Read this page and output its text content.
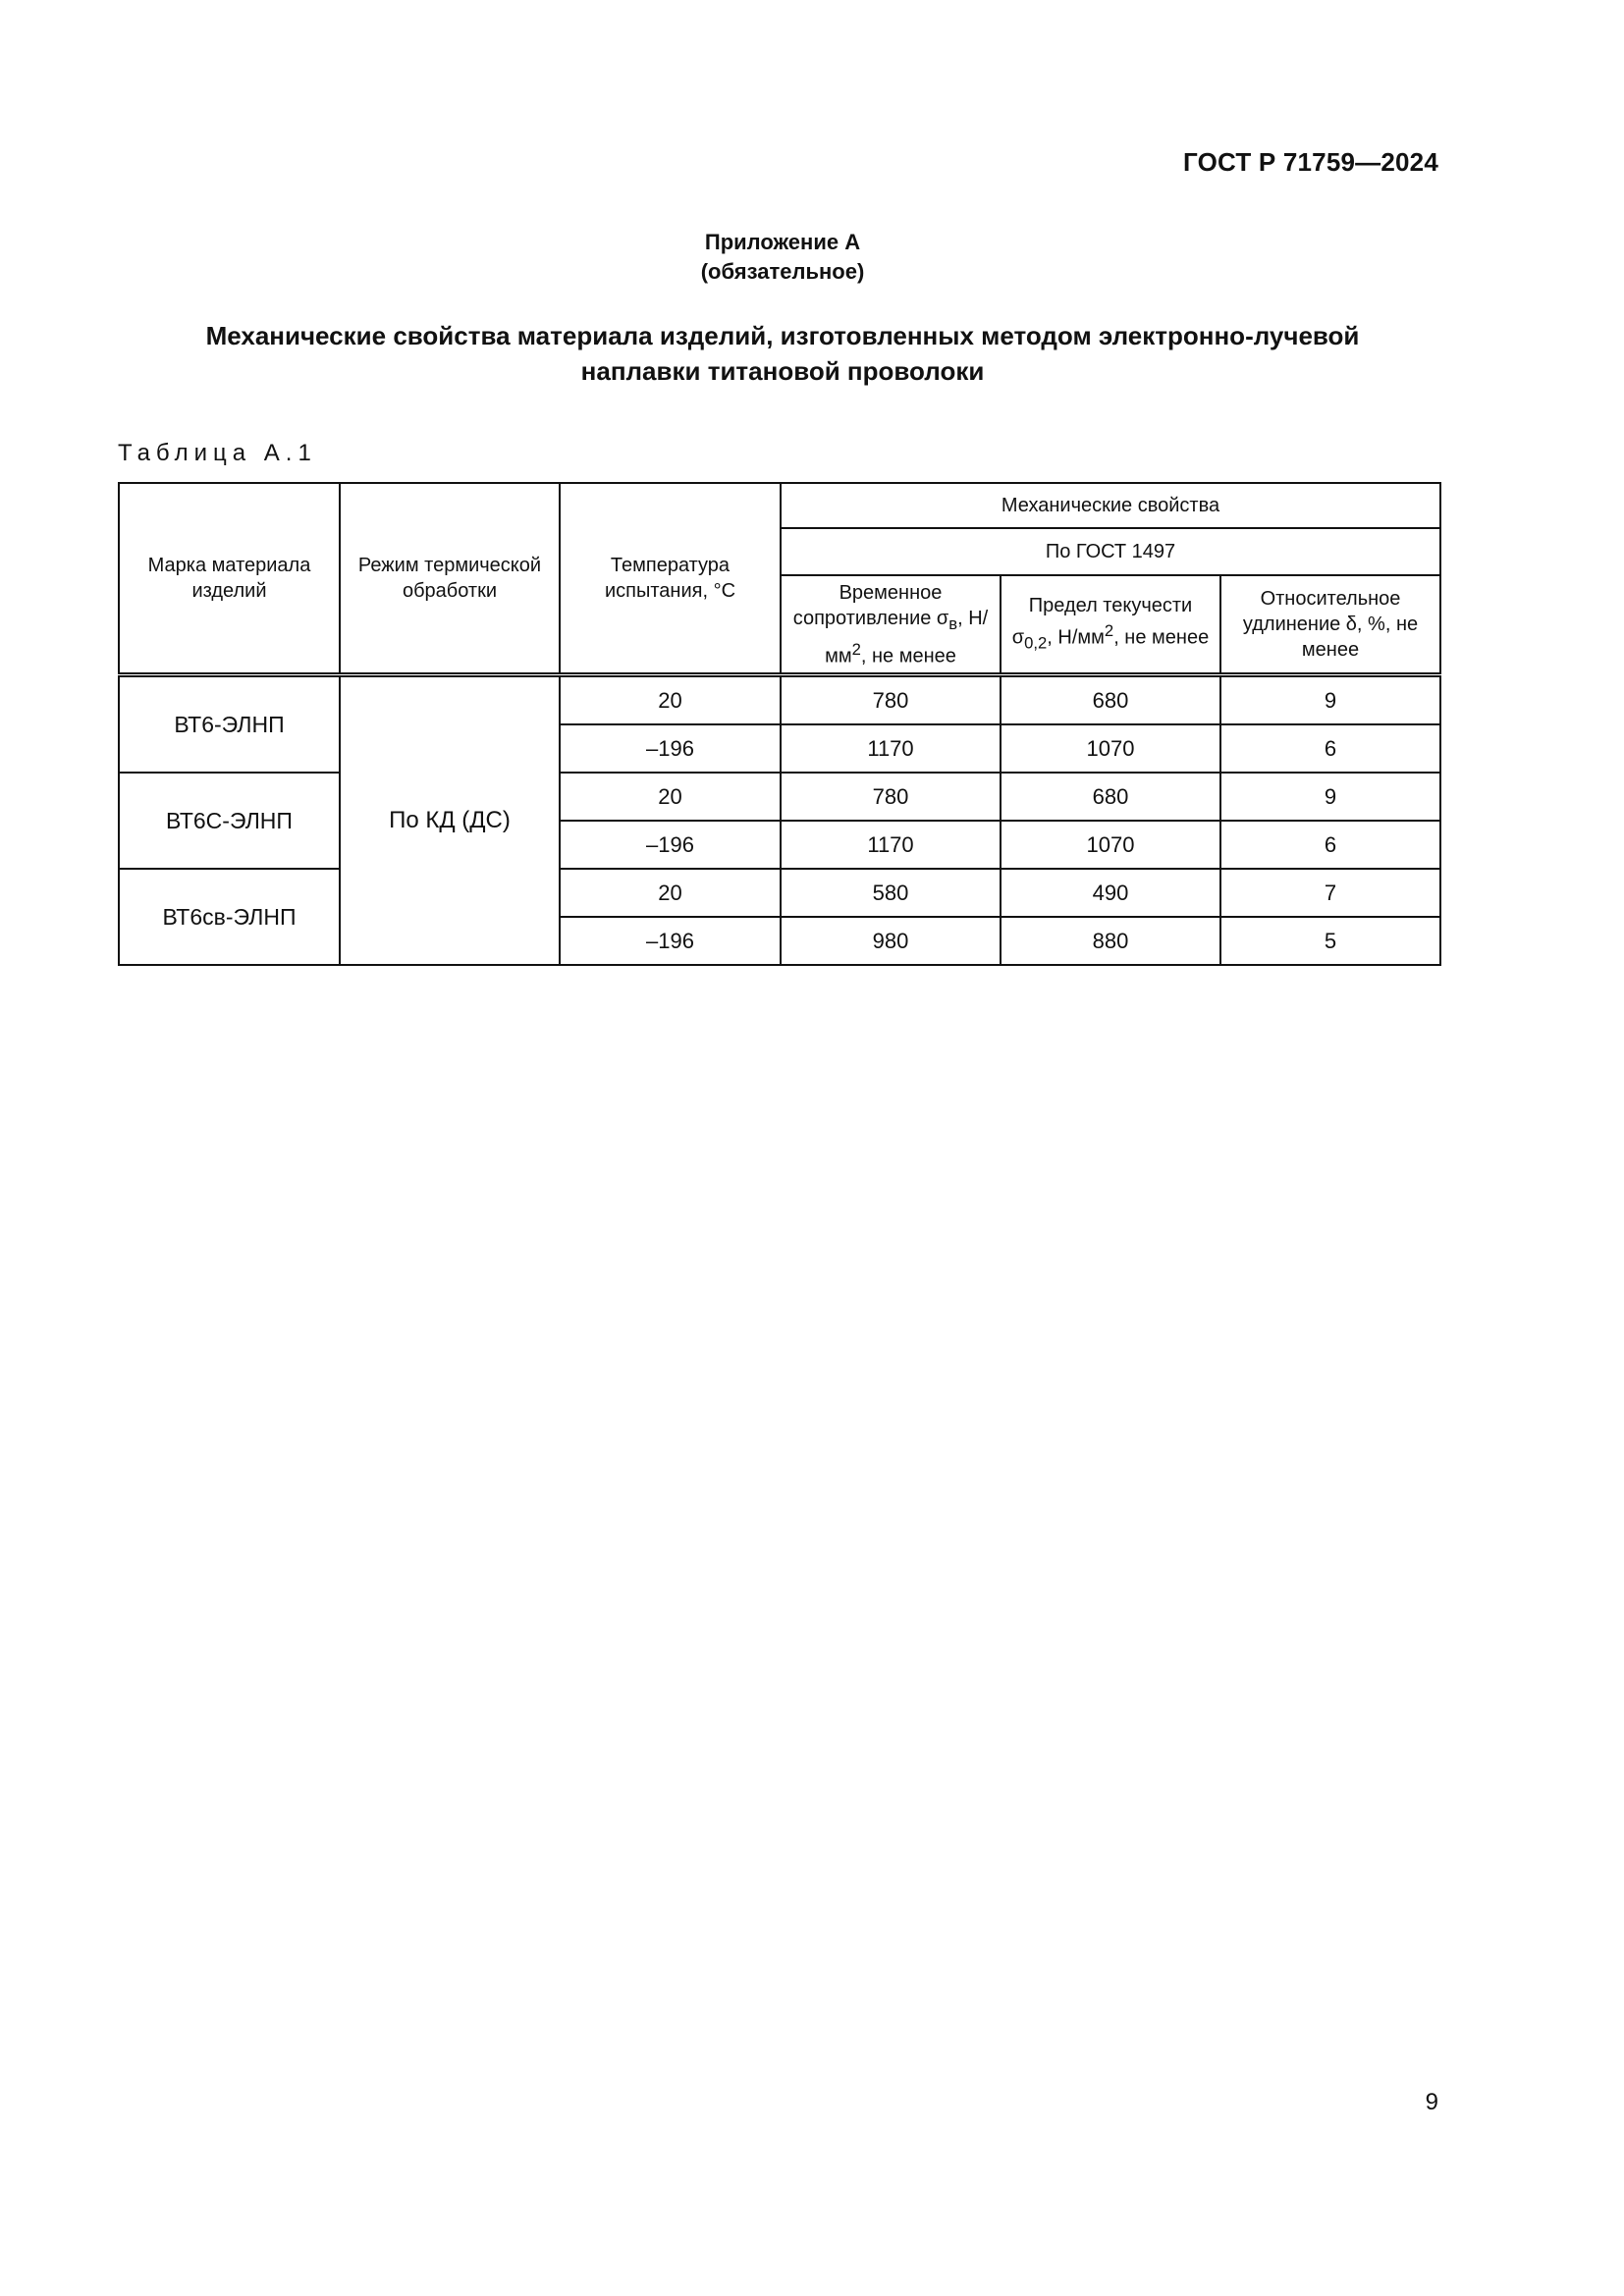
ГОСТ Р 71759—2024
Приложение А
(обязательное)
Механические свойства материала изделий, изготовленных методом электронно-лучевой
наплавки титановой проволоки
Таблица А.1
Марка материала изделий	Режим термической обработки	Температура испытания, °С	Механические свойства		
			По ГОСТ 1497		
			Временное сопротивление $\sigma_в$, $Н/мм^2$, не менее	Предел текучести $\sigma_{0,2}$, $Н/мм^2$, не менее	Относительное удлинение δ, %, не менее
ВТ6-ЭЛНП	По КД (ДС)	20	780	680	9
		–196	1170	1070	6
ВТ6С-ЭЛНП		20	780	680	9
		–196	1170	1070	6
ВТ6св-ЭЛНП		20	580	490	7
		–196	980	880	5
9
